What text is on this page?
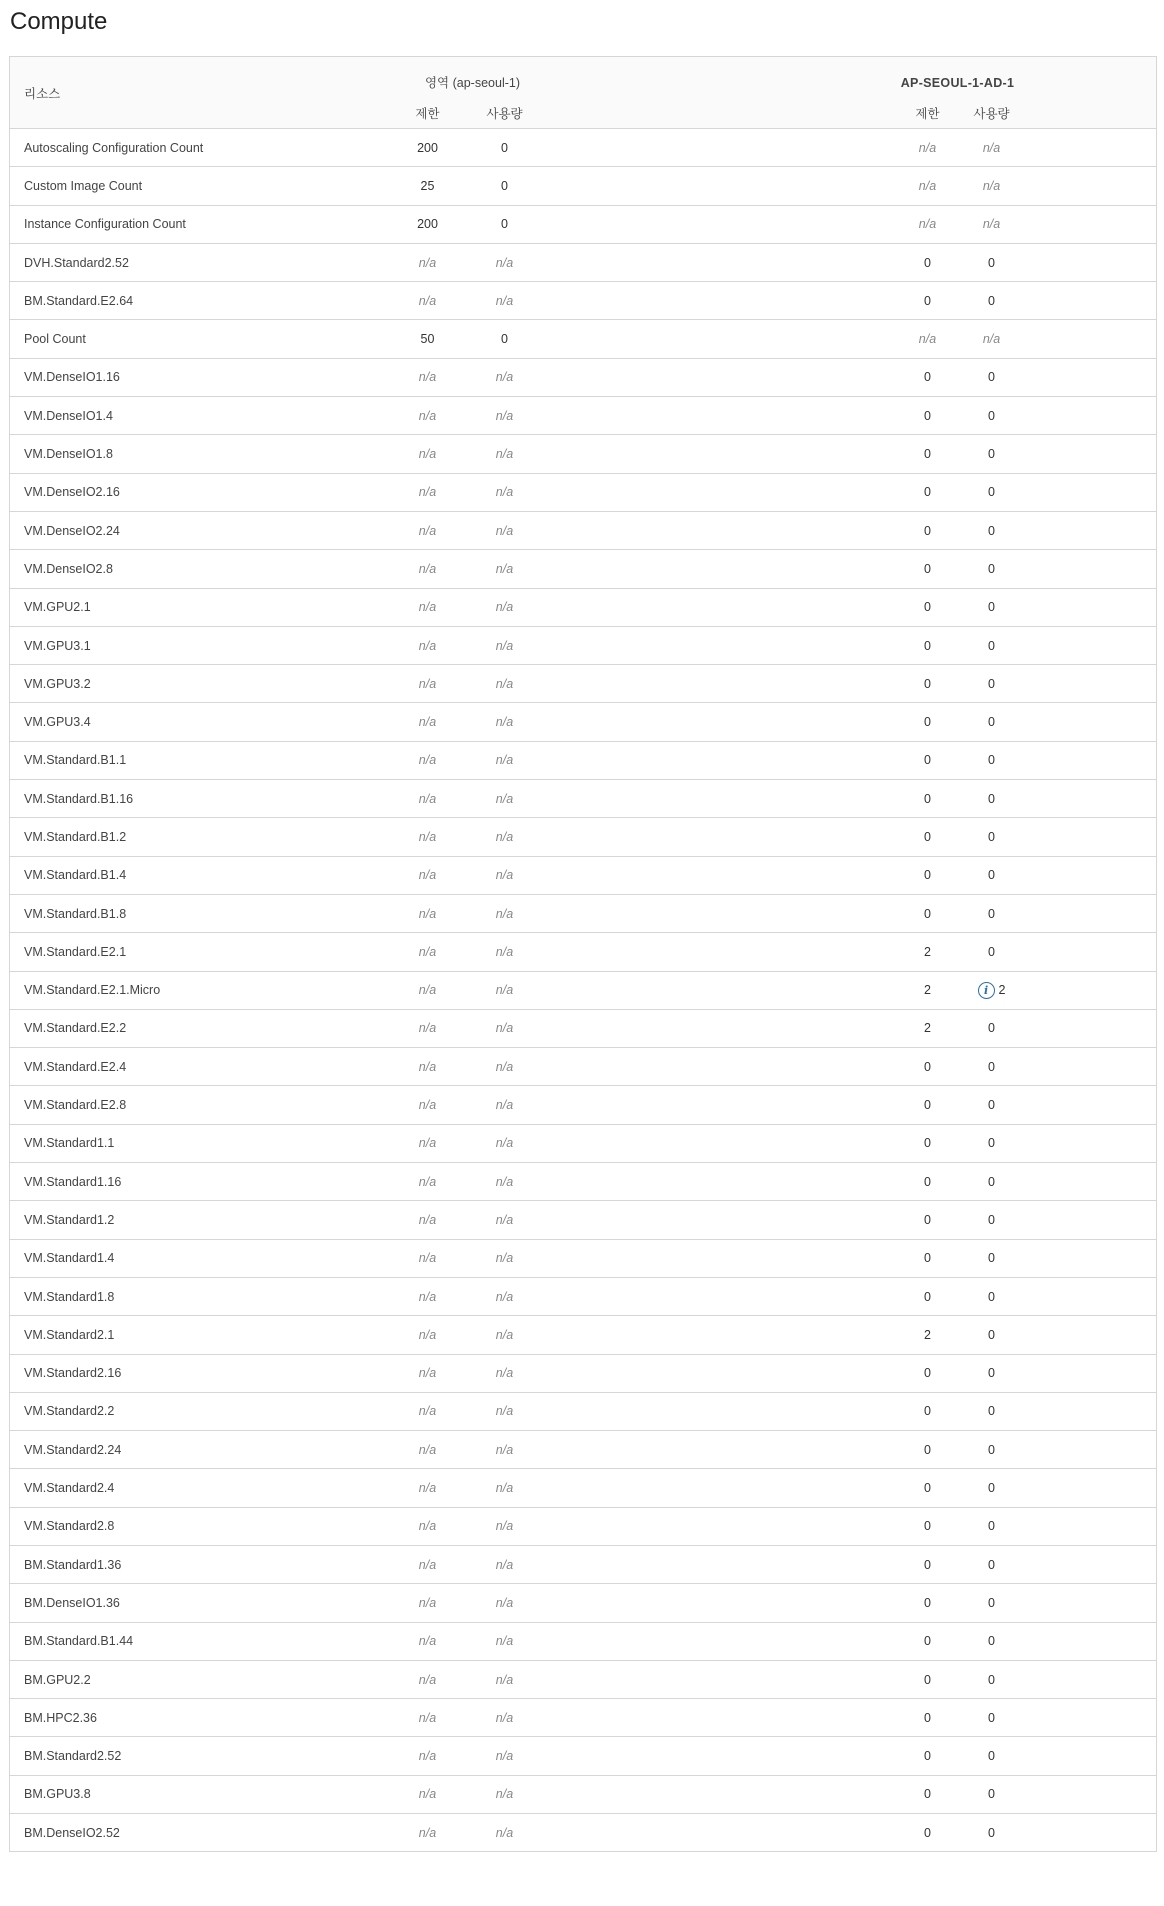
Compute
리소스	영역 (ap-seoul-1)				AP-SEOUL-1-AD-1		
	제한		사용량		제한	사용량	
Autoscaling Configuration Count	200		0		n/a	n/a	
Custom Image Count	25		0		n/a	n/a	
Instance Configuration Count	200		0		n/a	n/a	
DVH.Standard2.52	n/a		n/a		0	0	
BM.Standard.E2.64	n/a		n/a		0	0	
Pool Count	50		0		n/a	n/a	
VM.DenseIO1.16	n/a		n/a		0	0	
VM.DenseIO1.4	n/a		n/a		0	0	
VM.DenseIO1.8	n/a		n/a		0	0	
VM.DenseIO2.16	n/a		n/a		0	0	
VM.DenseIO2.24	n/a		n/a		0	0	
VM.DenseIO2.8	n/a		n/a		0	0	
VM.GPU2.1	n/a		n/a		0	0	
VM.GPU3.1	n/a		n/a		0	0	
VM.GPU3.2	n/a		n/a		0	0	
VM.GPU3.4	n/a		n/a		0	0	
VM.Standard.B1.1	n/a		n/a		0	0	
VM.Standard.B1.16	n/a		n/a		0	0	
VM.Standard.B1.2	n/a		n/a		0	0	
VM.Standard.B1.4	n/a		n/a		0	0	
VM.Standard.B1.8	n/a		n/a		0	0	
VM.Standard.E2.1	n/a		n/a		2	0	
VM.Standard.E2.1.Micro	n/a		n/a		2	i 2	

VM.Standard.E2.2	n/a		n/a		2	0	
VM.Standard.E2.4	n/a		n/a		0	0	
VM.Standard.E2.8	n/a		n/a		0	0	
VM.Standard1.1	n/a		n/a		0	0	
VM.Standard1.16	n/a		n/a		0	0	
VM.Standard1.2	n/a		n/a		0	0	
VM.Standard1.4	n/a		n/a		0	0	
VM.Standard1.8	n/a		n/a		0	0	
VM.Standard2.1	n/a		n/a		2	0	
VM.Standard2.16	n/a		n/a		0	0	
VM.Standard2.2	n/a		n/a		0	0	
VM.Standard2.24	n/a		n/a		0	0	
VM.Standard2.4	n/a		n/a		0	0	
VM.Standard2.8	n/a		n/a		0	0	
BM.Standard1.36	n/a		n/a		0	0	
BM.DenseIO1.36	n/a		n/a		0	0	
BM.Standard.B1.44	n/a		n/a		0	0	
BM.GPU2.2	n/a		n/a		0	0	
BM.HPC2.36	n/a		n/a		0	0	
BM.Standard2.52	n/a		n/a		0	0	
BM.GPU3.8	n/a		n/a		0	0	
BM.DenseIO2.52	n/a		n/a		0	0	
